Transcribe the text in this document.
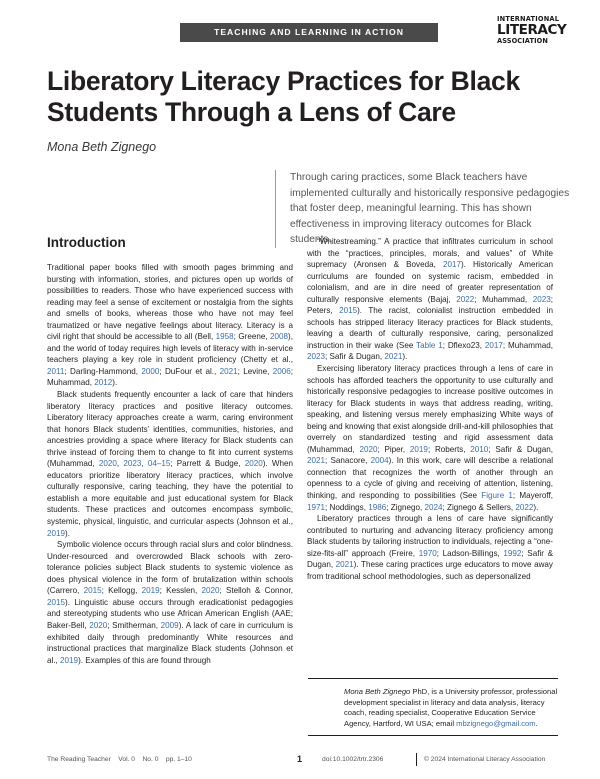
TEACHING AND LEARNING IN ACTION
INTERNATIONAL
LITERACY
ASSOCIATION
Liberatory Literacy Practices for Black Students Through a Lens of Care
Mona Beth Zignego
Through caring practices, some Black teachers have implemented culturally and historically responsive pedagogies that foster deep, meaningful learning. This has shown effectiveness in improving literacy outcomes for Black students.
Introduction

Traditional paper books filled with smooth pages brimming and bursting with information, stories, and pictures open up worlds of possibilities to readers. Those who have experienced success with reading may feel a sense of excitement or nostalgia from the sights and smells of books, whereas those who have not may feel traumatized or have negative feelings about literacy. Literacy is a civil right that should be accessible to all (Bell, 1958; Greene, 2008), and the world of today requires high levels of literacy with in-service teachers playing a key role in student proficiency (Chetty et al., 2011; Darling-Hammond, 2000; DuFour et al., 2021; Levine, 2006; Muhammad, 2012).

Black students frequently encounter a lack of care that hinders liberatory literacy practices and positive literacy outcomes. Liberatory literacy approaches create a warm, caring environment that honors Black students’ identities, communities, histories, and ancestries providing a space where literacy for Black students can thrive instead of forcing them to change to fit into current systems (Muhammad, 2020, 2023, 04–15; Parrett & Budge, 2020). When educators prioritize liberatory literacy practices, which involve culturally responsive, caring teaching, they have the potential to establish a more equitable and just educational system for Black students. These practices and outcomes encompass symbolic, systemic, physical, linguistic, and curricular aspects (Johnson et al., 2019).

Symbolic violence occurs through racial slurs and color blindness. Under-resourced and overcrowded Black schools with zero-tolerance policies subject Black students to systemic violence as does physical violence in the form of brutalization within schools (Carrero, 2015; Kellogg, 2019; Kesslen, 2020; Stelloh & Connor, 2015). Linguistic abuse occurs through eradicationist pedagogies and stereotyping students who use African American English (AAE; Baker-Bell, 2020; Smitherman, 2009). A lack of care in curriculum is exhibited daily through predominantly White resources and instructional practices that marginalize Black students (Johnson et al., 2019). Examples of this are found through

“Whitestreaming.” A practice that infiltrates curriculum in school with the “practices, principles, morals, and values” of White supremacy (Aronsen & Boveda, 2017). Historically American curriculums are founded on systemic racism, embedded in colonialism, and are in dire need of greater representation of culturally responsive elements (Bajaj, 2022; Muhammad, 2023; Peters, 2015). The racist, colonialist instruction embedded in schools has stripped literacy literacy practices for Black students, leaving a dearth of culturally responsive, caring, personalized instruction in their wake (See Table 1; Dflexo23, 2017; Muhammad, 2023; Safir & Dugan, 2021).

Exercising liberatory literacy practices through a lens of care in schools has afforded teachers the opportunity to use culturally and historically responsive pedagogies to increase positive outcomes in literacy for Black students in ways that address reading, writing, speaking, and listening versus merely emphasizing White ways of being and knowing that exist alongside drill-and-kill philosophies that overrely on standardized testing and rigid assessment data (Muhammad, 2020; Piper, 2019; Roberts, 2010; Safir & Dugan, 2021; Sanacore, 2004). In this work, care will describe a relational connection that recognizes the worth of another through an openness to a cycle of giving and receiving of attention, listening, thinking, and responding to possibilities (See Figure 1; Mayeroff, 1971; Noddings, 1986; Zignego, 2024; Zignego & Sellers, 2022).

Liberatory practices through a lens of care have significantly contributed to nurturing and advancing literacy proficiency among Black students by tailoring instruction to individuals, rejecting a “one-size-fits-all” approach (Freire, 1970; Ladson-Billings, 1992; Safir & Dugan, 2021). These caring practices urge educators to move away from traditional school methodologies, such as depersonalized

Mona Beth Zignego PhD, is a University professor, professional development specialist in literacy and data analysis, literacy coach, reading specialist, Cooperative Education Service Agency, Hartford, WI USA; email mbzignego@gmail.com.
The Reading Teacher Vol. 0 No. 0 pp. 1–10	1	doi:10.1002/trtr.2306	© 2024 International Literacy Association
